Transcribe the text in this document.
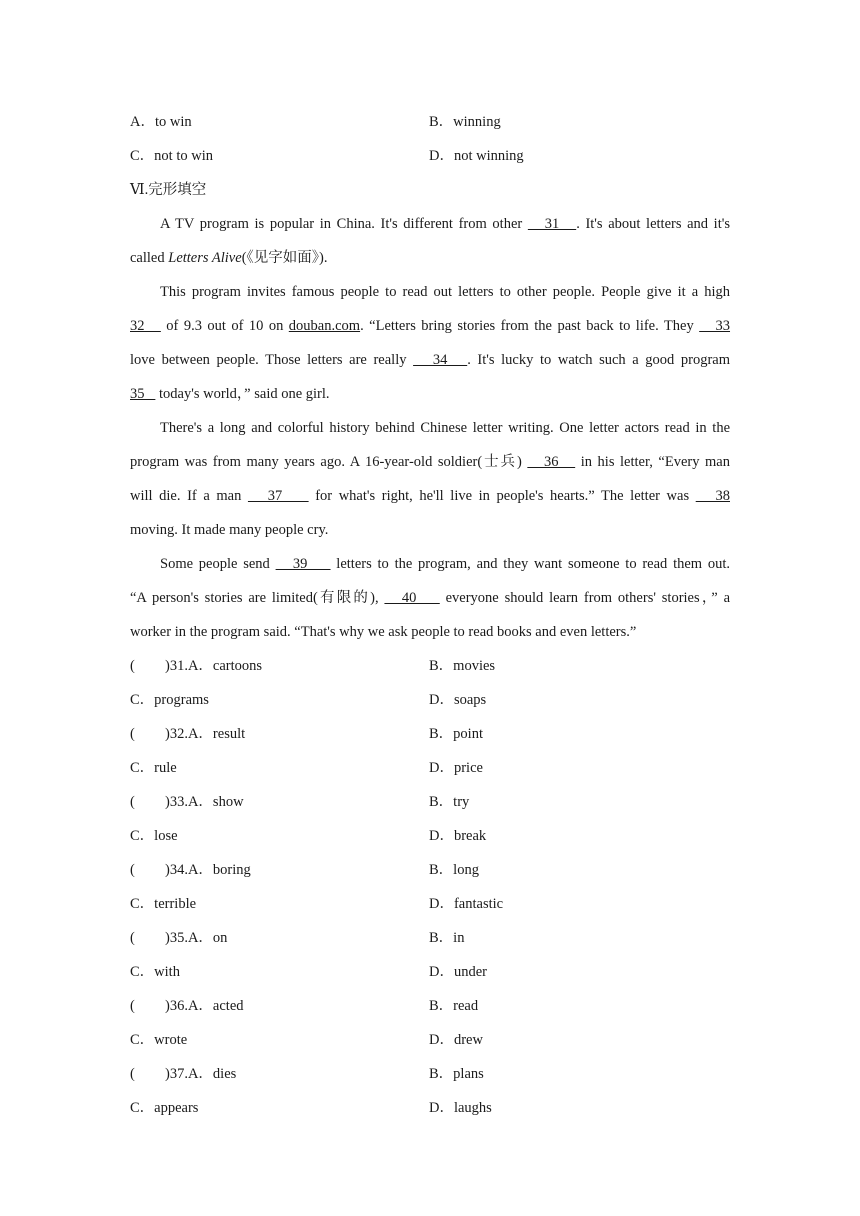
A．to win	B．winning
C．not to win	D．not winning
Ⅵ.完形填空
A TV program is popular in China. It's different from other    31   . It's about letters and it's
called Letters Alive(《见字如面》).
This program invites famous people to read out letters to other people. People give it a high
32    of 9.3 out of 10 on douban.com. “Letters bring stories from the past back to life. They    33
love between people. Those letters are really    34   . It's lucky to watch such a good program
35    today's world，” said one girl.
There's a long and colorful history behind Chinese letter writing. One letter actors read in the
program was from many years ago. A 16-year-old soldier(士兵)    36    in his letter, “Every man
will die. If a man    37     for what's right, he'll live in people's hearts.” The letter was    38
moving. It made many people cry.
Some people send    39     letters to the program, and they want someone to read them out.
“A person's stories are limited(有限的),    40     everyone should learn from others' stories，” a
worker in the program said. “That's why we ask people to read books and even letters.”
( )31.A．cartoons	B．movies
C．programs	D．soaps
( )32.A．result	B．point
C．rule	D．price
( )33.A．show	B．try
C．lose	D．break
( )34.A．boring	B．long
C．terrible	D．fantastic
( )35.A．on	B．in
C．with	D．under
( )36.A．acted	B．read
C．wrote	D．drew
( )37.A．dies	B．plans
C．appears	D．laughs
